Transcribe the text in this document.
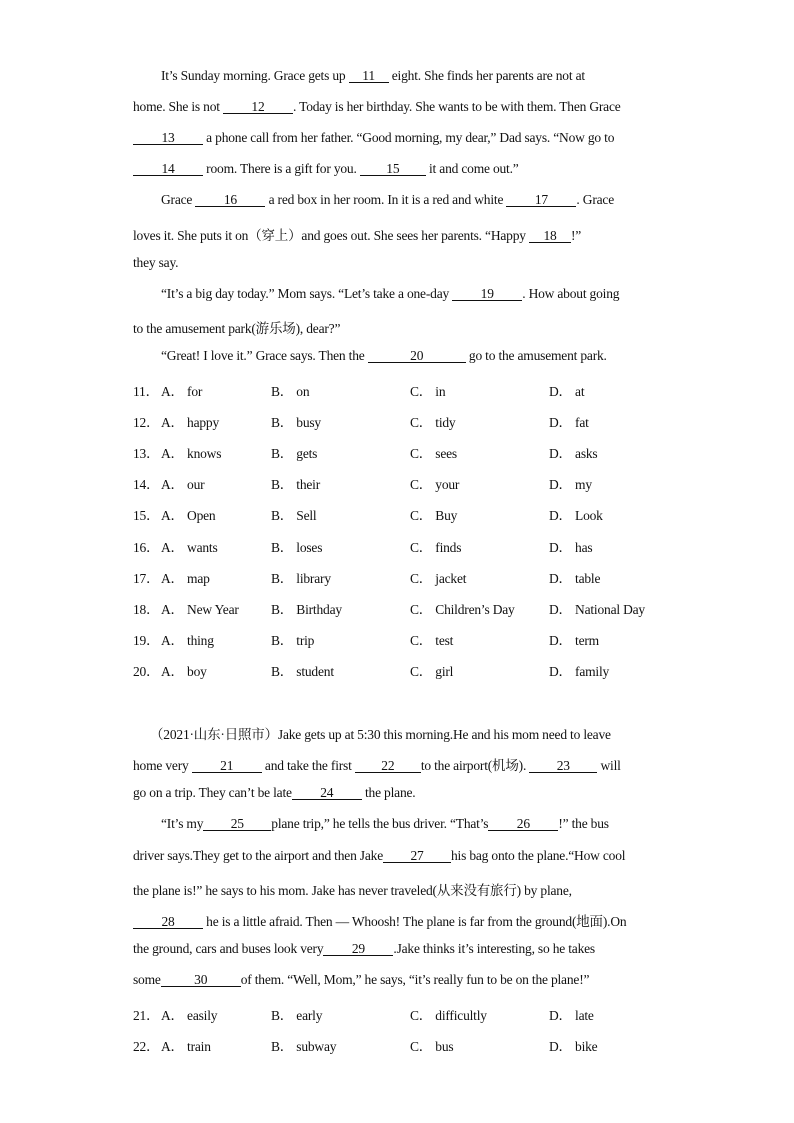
It’s Sunday morning. Grace gets up 11 eight. She finds her parents are not at
home. She is not 12 . Today is her birthday. She wants to be with them. Then Grace
13 a phone call from her father. “Good morning, my dear,” Dad says. “Now go to
14 room. There is a gift for you. 15 it and come out.”
Grace 16 a red box in her room. In it is a red and white 17 . Grace
loves it. She puts it on（穿上）and goes out. She sees her parents. “Happy 18 !”
they say.
“It’s a big day today.” Mom says. “Let’s take a one-day 19 . How about going
to the amusement park(游乐场), dear?”
“Great! I love it.” Grace says. Then the	20	go to the amusement park.
11． A． for	B． on	C． in	D． at
12． A． happy	B． busy	C． tidy	D． fat
13． A． knows	B． gets	C． sees	D． asks
14． A． our	B． their	C． your	D． my
15． A． Open	B． Sell	C． Buy	D． Look
16． A． wants	B． loses	C． finds	D． has
17． A． map	B． library	C． jacket	D． table
18． A． New Year B． Birthday	C． Children’s Day	D． National Day
19． A． thing	B． trip	C． test	D． term
20． A． boy	B． student	C． girl	D． family
（2021·山东·日照市）Jake gets up at 5:30 this morning.He and his mom need to leave
home very 21 and take the first 22 to the airport(机场). 23 will
go on a trip. They can’t be late 24 the plane.
“It’s my 25 plane trip,” he tells the bus driver. “That’s 26 !” the bus
driver says.They get to the airport and then Jake 27 his bag onto the plane.“How cool
the plane is!” he says to his mom. Jake has never traveled(从来没有旅行) by plane,
28 he is a little afraid. Then — Whoosh! The plane is far from the ground(地面).On
the ground, cars and buses look very 29 .Jake thinks it’s interesting, so he takes
some 30 of them. “Well, Mom,” he says, “it’s really fun to be on the plane!”
21． A． easily	B． early	C． difficultly	D． late
22． A． train	B． subway	C． bus	D． bike
